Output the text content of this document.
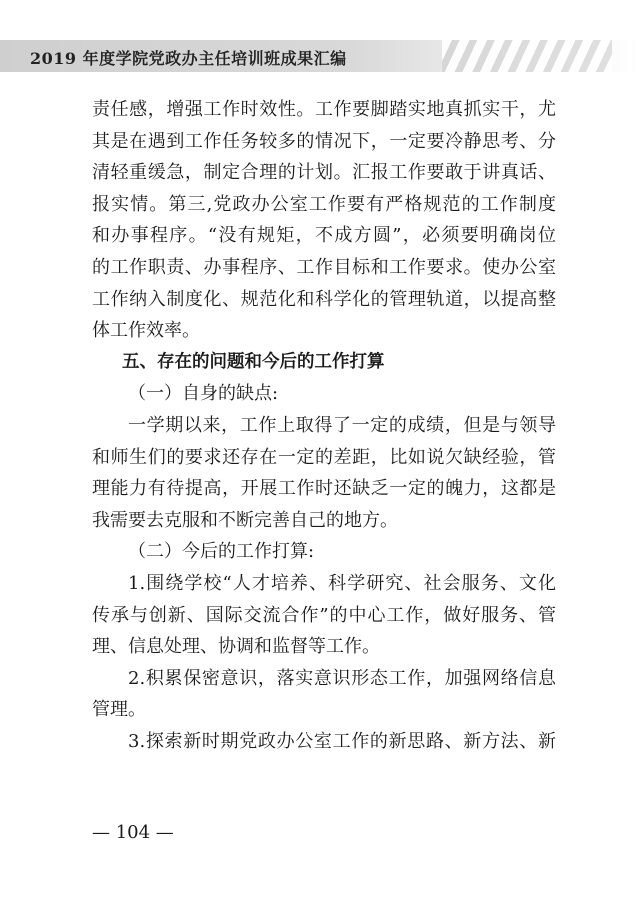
2019 年度学院党政办主任培训班成果汇编
责任感，增强工作时效性。工作要脚踏实地真抓实干，尤
其是在遇到工作任务较多的情况下，一定要冷静思考、分
清轻重缓急，制定合理的计划。汇报工作要敢于讲真话、
报实情。第三,党政办公室工作要有严格规范的工作制度
和办事程序。“没有规矩，不成方圆”，必须要明确岗位
的工作职责、办事程序、工作目标和工作要求。使办公室
工作纳入制度化、规范化和科学化的管理轨道，以提高整
体工作效率。
五、存在的问题和今后的工作打算
（一）自身的缺点:
一学期以来，工作上取得了一定的成绩，但是与领导
和师生们的要求还存在一定的差距，比如说欠缺经验，管
理能力有待提高，开展工作时还缺乏一定的魄力，这都是
我需要去克服和不断完善自己的地方。
（二）今后的工作打算:
1.围绕学校“人才培养、科学研究、社会服务、文化
传承与创新、国际交流合作”的中心工作，做好服务、管
理、信息处理、协调和监督等工作。
2.积累保密意识，落实意识形态工作，加强网络信息
管理。
3.探索新时期党政办公室工作的新思路、新方法、新
— 104 —
